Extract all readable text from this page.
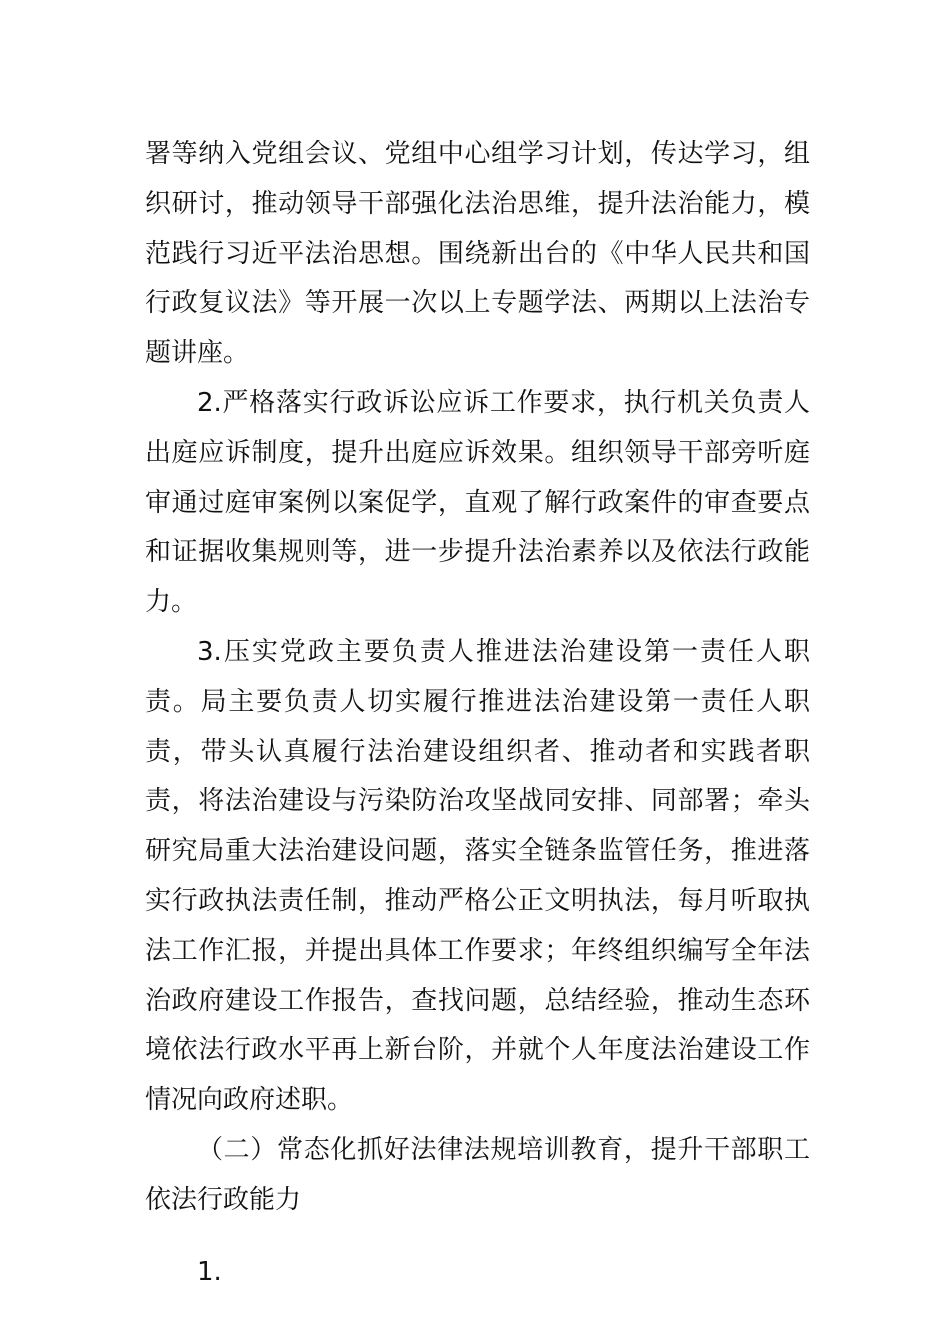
署等纳入党组会议、党组中心组学习计划，传达学习，组织研讨，推动领导干部强化法治思维，提升法治能力，模范践行习近平法治思想。围绕新出台的《中华人民共和国行政复议法》等开展一次以上专题学法、两期以上法治专题讲座。

2.严格落实行政诉讼应诉工作要求，执行机关负责人出庭应诉制度，提升出庭应诉效果。组织领导干部旁听庭审通过庭审案例以案促学，直观了解行政案件的审查要点和证据收集规则等，进一步提升法治素养以及依法行政能力。

3.压实党政主要负责人推进法治建设第一责任人职责。局主要负责人切实履行推进法治建设第一责任人职责，带头认真履行法治建设组织者、推动者和实践者职责，将法治建设与污染防治攻坚战同安排、同部署；牵头研究局重大法治建设问题，落实全链条监管任务，推进落实行政执法责任制，推动严格公正文明执法，每月听取执法工作汇报，并提出具体工作要求；年终组织编写全年法治政府建设工作报告，查找问题，总结经验，推动生态环境依法行政水平再上新台阶，并就个人年度法治建设工作情况向政府述职。

（二）常态化抓好法律法规培训教育，提升干部职工依法行政能力

1.
